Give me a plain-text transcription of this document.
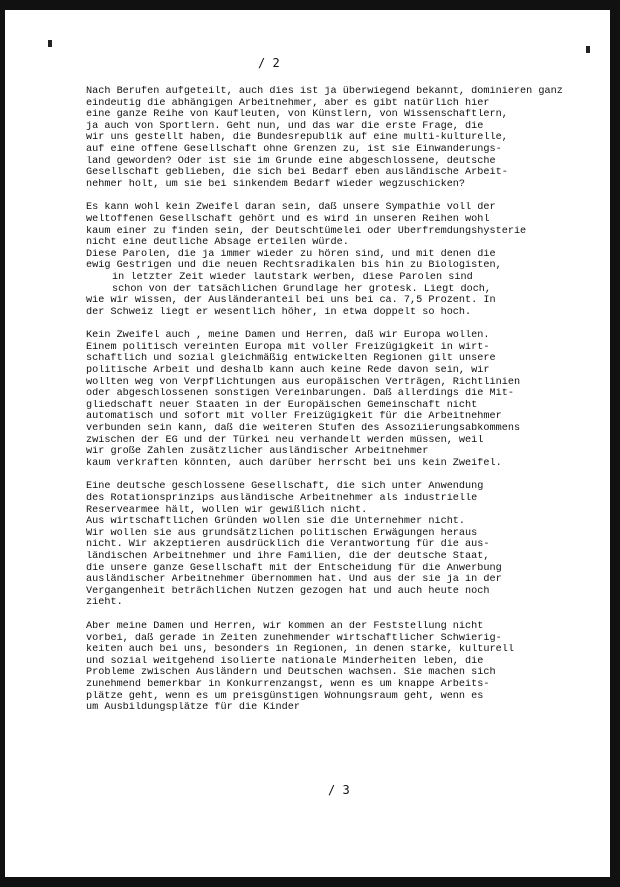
/ 2
Nach Berufen aufgeteilt, auch dies ist ja überwiegend bekannt, dominieren ganz
eindeutig die abhängigen Arbeitnehmer, aber es gibt natürlich hier
eine ganze Reihe von Kaufleuten, von Künstlern, von Wissenschaftlern,
ja auch von Sportlern. Geht nun, und das war die erste Frage, die
wir uns gestellt haben, die Bundesrepublik auf eine multi-kulturelle,
auf eine offene Gesellschaft ohne Grenzen zu, ist sie Einwanderungs-
land geworden? Oder ist sie im Grunde eine abgeschlossene, deutsche
Gesellschaft geblieben, die sich bei Bedarf eben ausländische Arbeit-
nehmer holt, um sie bei sinkendem Bedarf wieder wegzuschicken?
Es kann wohl kein Zweifel daran sein, daß unsere Sympathie voll der
weltoffenen Gesellschaft gehört und es wird in unseren Reihen wohl
kaum einer zu finden sein, der Deutschtümelei oder Überfremdungshysterie
nicht eine deutliche Absage erteilen würde.
Diese Parolen, die ja immer wieder zu hören sind, und mit denen die
ewig Gestrigen und die neuen Rechtsradikalen bis hin zu Biologisten,
in letzter Zeit wieder lautstark werben, diese Parolen sind
schon von der tatsächlichen Grundlage her grotesk. Liegt doch,
wie wir wissen, der Ausländeranteil bei uns bei ca. 7,5 Prozent. In
der Schweiz liegt er wesentlich höher, in etwa doppelt so hoch.
Kein Zweifel auch , meine Damen und Herren, daß wir Europa wollen.
Einem politisch vereinten Europa mit voller Freizügigkeit in wirt-
schaftlich und sozial gleichmäßig entwickelten Regionen gilt unsere
politische Arbeit und deshalb kann auch keine Rede davon sein, wir
wollten weg von Verpflichtungen aus europäischen Verträgen, Richtlinien
oder abgeschlossenen sonstigen Vereinbarungen. Daß allerdings die Mit-
gliedschaft neuer Staaten in der Europäischen Gemeinschaft nicht
automatisch und sofort mit voller Freizügigkeit für die Arbeitnehmer
verbunden sein kann, daß die weiteren Stufen des Assoziierungsabkommens
zwischen der EG und der Türkei neu verhandelt werden müssen, weil
wir große Zahlen zusätzlicher ausländischer Arbeitnehmer
kaum verkraften könnten, auch darüber herrscht bei uns kein Zweifel.
Eine deutsche geschlossene Gesellschaft, die sich unter Anwendung
des Rotationsprinzips ausländische Arbeitnehmer als industrielle
Reservearmee hält, wollen wir gewißlich nicht.
Aus wirtschaftlichen Gründen wollen sie die Unternehmer nicht.
Wir wollen sie aus grundsätzlichen politischen Erwägungen heraus
nicht. Wir akzeptieren ausdrücklich die Verantwortung für die aus-
ländischen Arbeitnehmer und ihre Familien, die der deutsche Staat,
die unsere ganze Gesellschaft mit der Entscheidung für die Anwerbung
ausländischer Arbeitnehmer übernommen hat. Und aus der sie ja in der
Vergangenheit beträchlichen Nutzen gezogen hat und auch heute noch
zieht.
Aber meine Damen und Herren, wir kommen an der Feststellung nicht
vorbei, daß gerade in Zeiten zunehmender wirtschaftlicher Schwierig-
keiten auch bei uns, besonders in Regionen, in denen starke, kulturell
und sozial weitgehend isolierte nationale Minderheiten leben, die
Probleme zwischen Ausländern und Deutschen wachsen. Sie machen sich
zunehmend bemerkbar in Konkurrenzangst, wenn es um knappe Arbeits-
plätze geht, wenn es um preisgünstigen Wohnungsraum geht, wenn es
um Ausbildungsplätze für die Kinder
/ 3
